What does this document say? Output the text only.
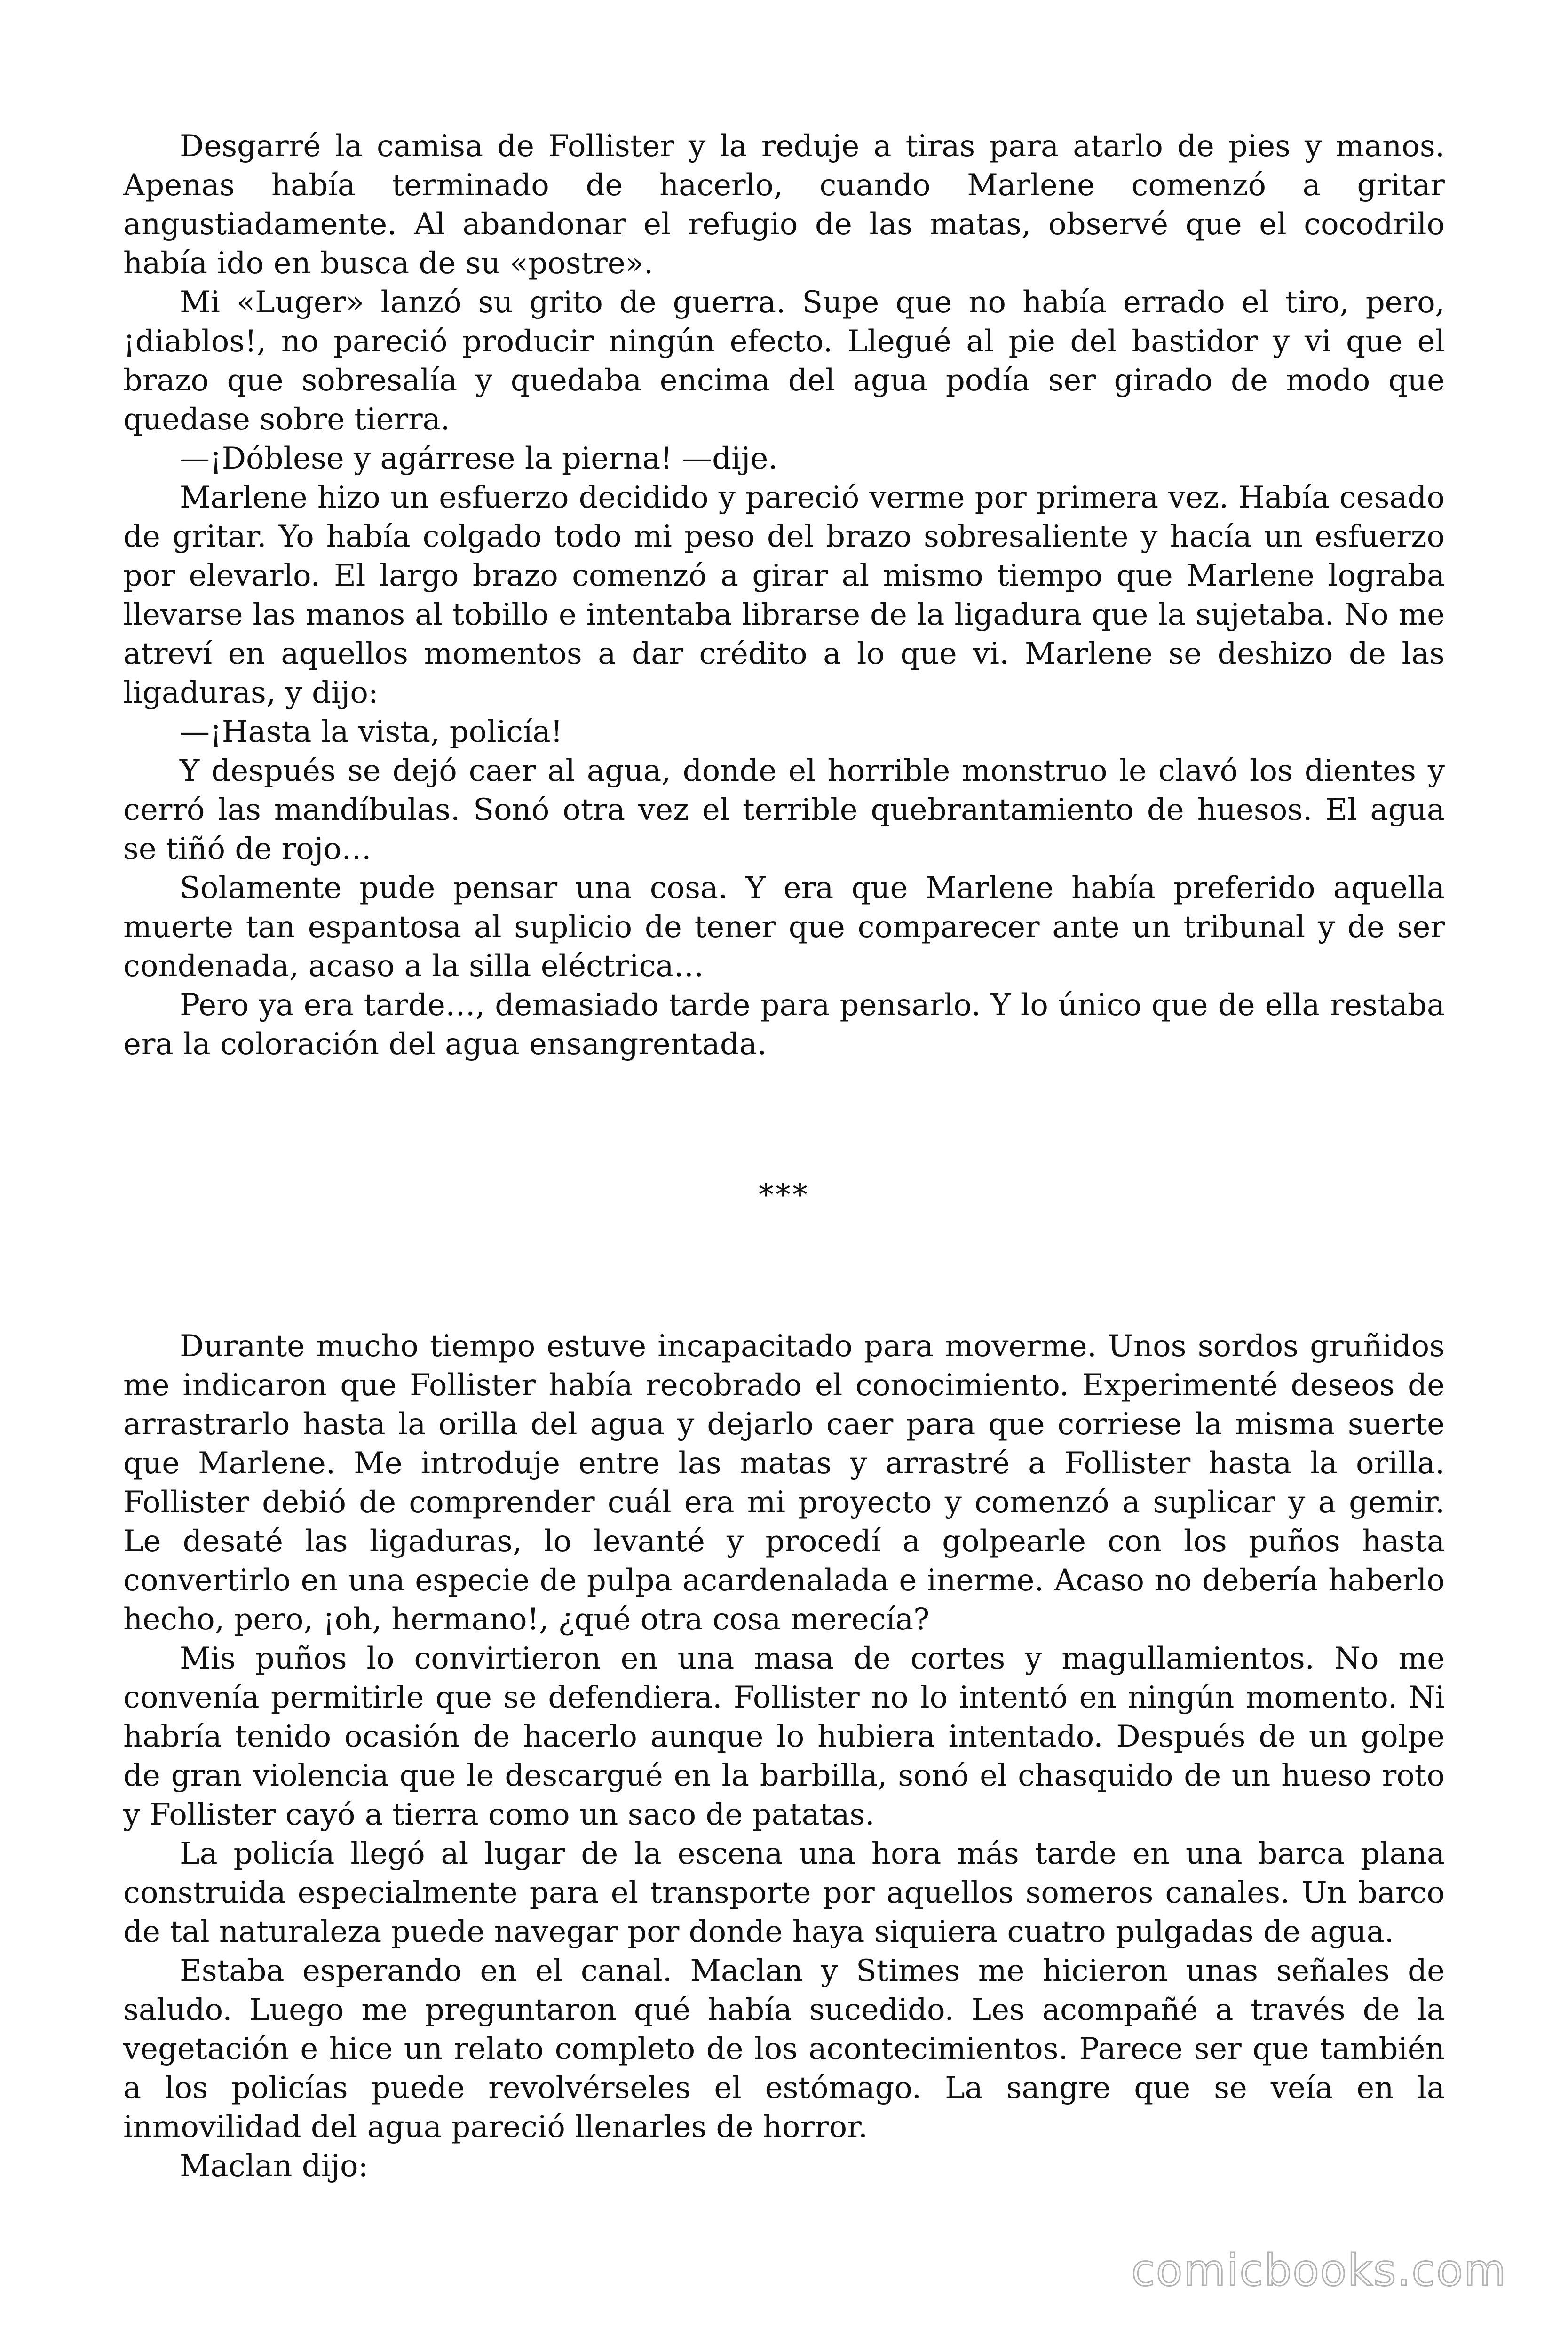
Desgarré la camisa de Follister y la reduje a tiras para atarlo de pies y manos. Apenas había terminado de hacerlo, cuando Marlene comenzó a gritar angustiadamente. Al abandonar el refugio de las matas, observé que el cocodrilo había ido en busca de su «postre».

Mi «Luger» lanzó su grito de guerra. Supe que no había errado el tiro, pero, ¡diablos!, no pareció producir ningún efecto. Llegué al pie del bastidor y vi que el brazo que sobresalía y quedaba encima del agua podía ser girado de modo que quedase sobre tierra.

—¡Dóblese y agárrese la pierna! —dije.

Marlene hizo un esfuerzo decidido y pareció verme por primera vez. Había cesado de gritar. Yo había colgado todo mi peso del brazo sobresaliente y hacía un esfuerzo por elevarlo. El largo brazo comenzó a girar al mismo tiempo que Marlene lograba llevarse las manos al tobillo e intentaba librarse de la ligadura que la sujetaba. No me atreví en aquellos momentos a dar crédito a lo que vi. Marlene se deshizo de las ligaduras, y dijo:

—¡Hasta la vista, policía!

Y después se dejó caer al agua, donde el horrible monstruo le clavó los dientes y cerró las mandíbulas. Sonó otra vez el terrible quebrantamiento de huesos. El agua se tiñó de rojo…

Solamente pude pensar una cosa. Y era que Marlene había preferido aquella muerte tan espantosa al suplicio de tener que comparecer ante un tribunal y de ser condenada, acaso a la silla eléctrica…

Pero ya era tarde…, demasiado tarde para pensarlo. Y lo único que de ella restaba era la coloración del agua ensangrentada.

***

Durante mucho tiempo estuve incapacitado para moverme. Unos sordos gruñidos me indicaron que Follister había recobrado el conocimiento. Experimenté deseos de arrastrarlo hasta la orilla del agua y dejarlo caer para que corriese la misma suerte que Marlene. Me introduje entre las matas y arrastré a Follister hasta la orilla. Follister debió de comprender cuál era mi proyecto y comenzó a suplicar y a gemir. Le desaté las ligaduras, lo levanté y procedí a golpearle con los puños hasta convertirlo en una especie de pulpa acardenalada e inerme. Acaso no debería haberlo hecho, pero, ¡oh, hermano!, ¿qué otra cosa merecía?

Mis puños lo convirtieron en una masa de cortes y magullamientos. No me convenía permitirle que se defendiera. Follister no lo intentó en ningún momento. Ni habría tenido ocasión de hacerlo aunque lo hubiera intentado. Después de un golpe de gran violencia que le descargué en la barbilla, sonó el chasquido de un hueso roto y Follister cayó a tierra como un saco de patatas.

La policía llegó al lugar de la escena una hora más tarde en una barca plana construida especialmente para el transporte por aquellos someros canales. Un barco de tal naturaleza puede navegar por donde haya siquiera cuatro pulgadas de agua.

Estaba esperando en el canal. Maclan y Stimes me hicieron unas señales de saludo. Luego me preguntaron qué había sucedido. Les acompañé a través de la vegetación e hice un relato completo de los acontecimientos. Parece ser que también a los policías puede revolvérseles el estómago. La sangre que se veía en la inmovilidad del agua pareció llenarles de horror.

Maclan dijo:

comicbooks.com
